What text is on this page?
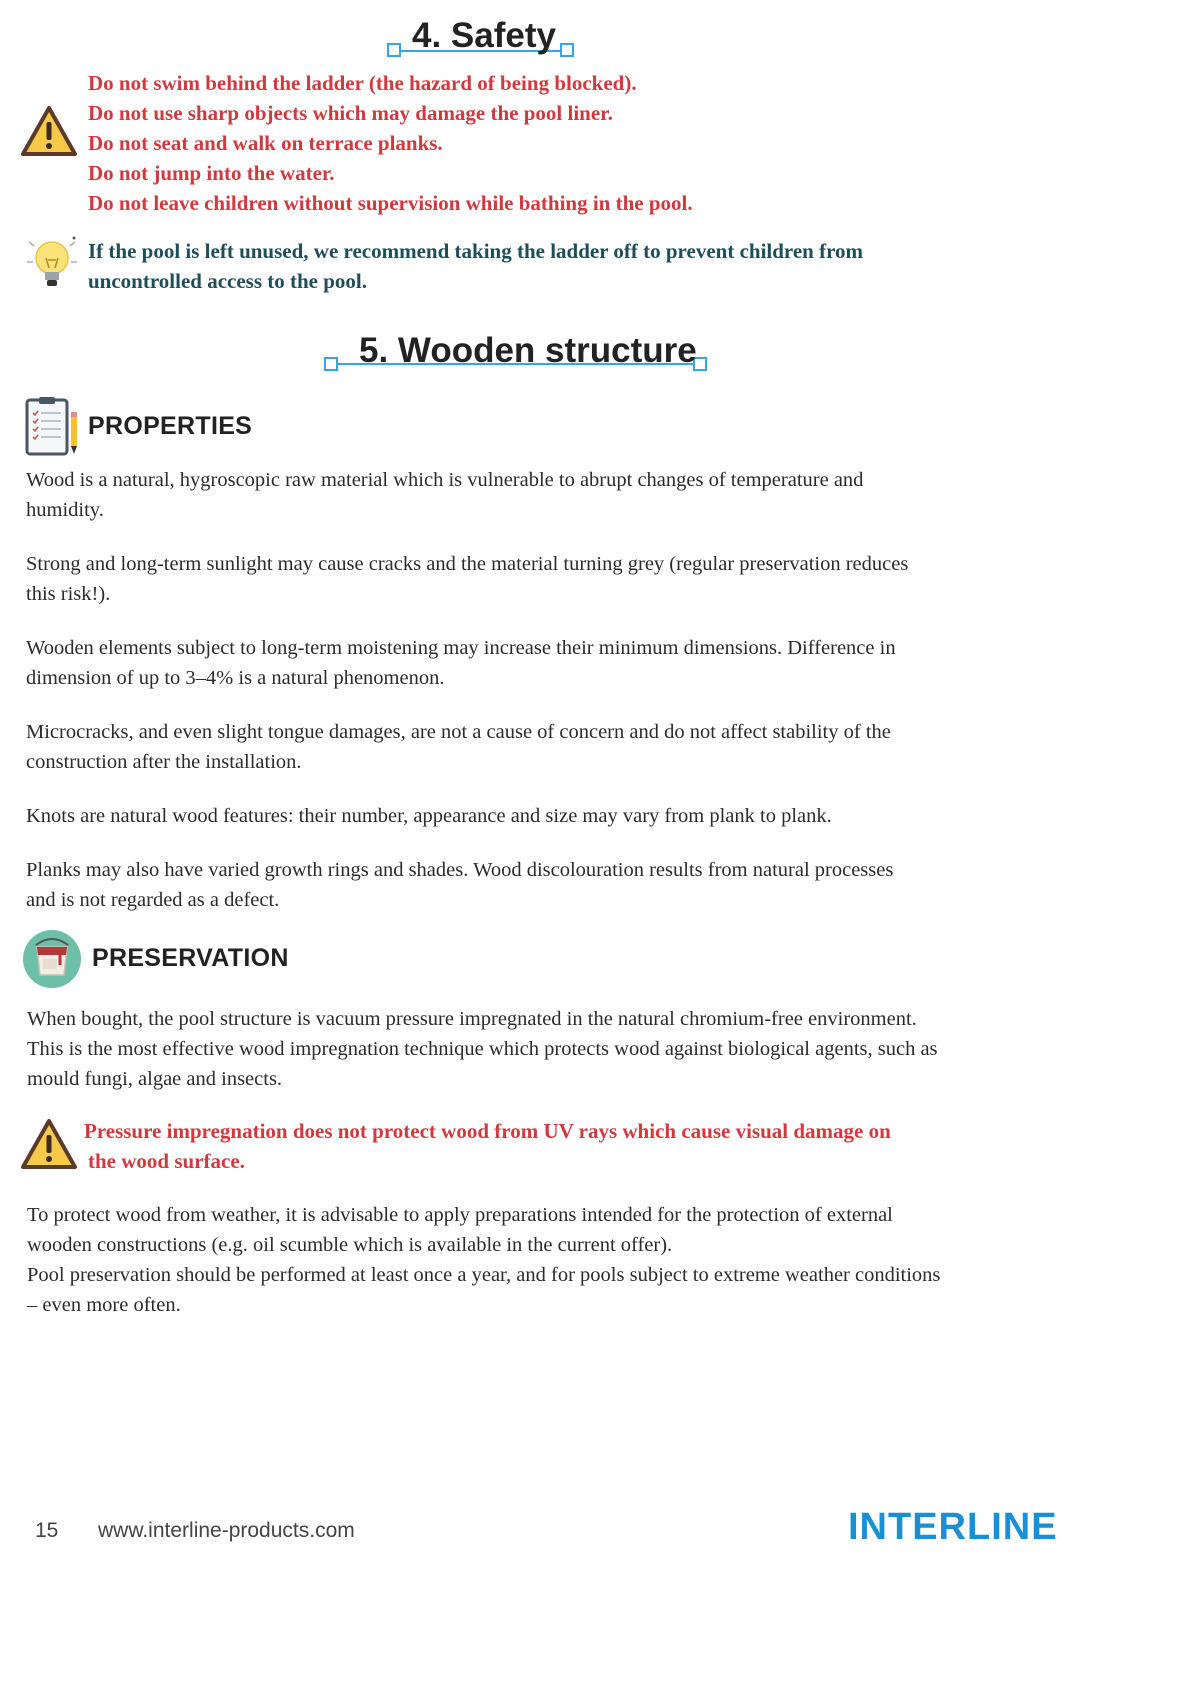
4. Safety

Do not swim behind the ladder (the hazard of being blocked).

Do not use sharp objects which may damage the pool liner.

Do not seat and walk on terrace planks.

Do not jump into the water.

Do not leave children without supervision while bathing in the pool.

If the pool is left unused, we recommend taking the ladder off to prevent children from

uncontrolled access to the pool.

5. Wooden structure
PROPERTIES

Wood is a natural, hygroscopic raw material which is vulnerable to abrupt changes of temperature and
humidity.

Strong and long-term sunlight may cause cracks and the material turning grey (regular preservation reduces
this risk!).

Wooden elements subject to long-term moistening may increase their minimum dimensions. Difference in
dimension of up to 3–4% is a natural phenomenon.

Microcracks, and even slight tongue damages, are not a cause of concern and do not affect stability of the
construction after the installation.

Knots are natural wood features: their number, appearance and size may vary from plank to plank.

Planks may also have varied growth rings and shades. Wood discolouration results from natural processes
and is not regarded as a defect.

PRESERVATION

When bought, the pool structure is vacuum pressure impregnated in the natural chromium-free environment.
This is the most effective wood impregnation technique which protects wood against biological agents, such as
mould fungi, algae and insects.

Pressure impregnation does not protect wood from UV rays which cause visual damage on

the wood surface.

To protect wood from weather, it is advisable to apply preparations intended for the protection of external
wooden constructions (e.g. oil scumble which is available in the current offer).
Pool preservation should be performed at least once a year, and for pools subject to extreme weather conditions
– even more often.

15 www.interline-products.com	INTERLINE
